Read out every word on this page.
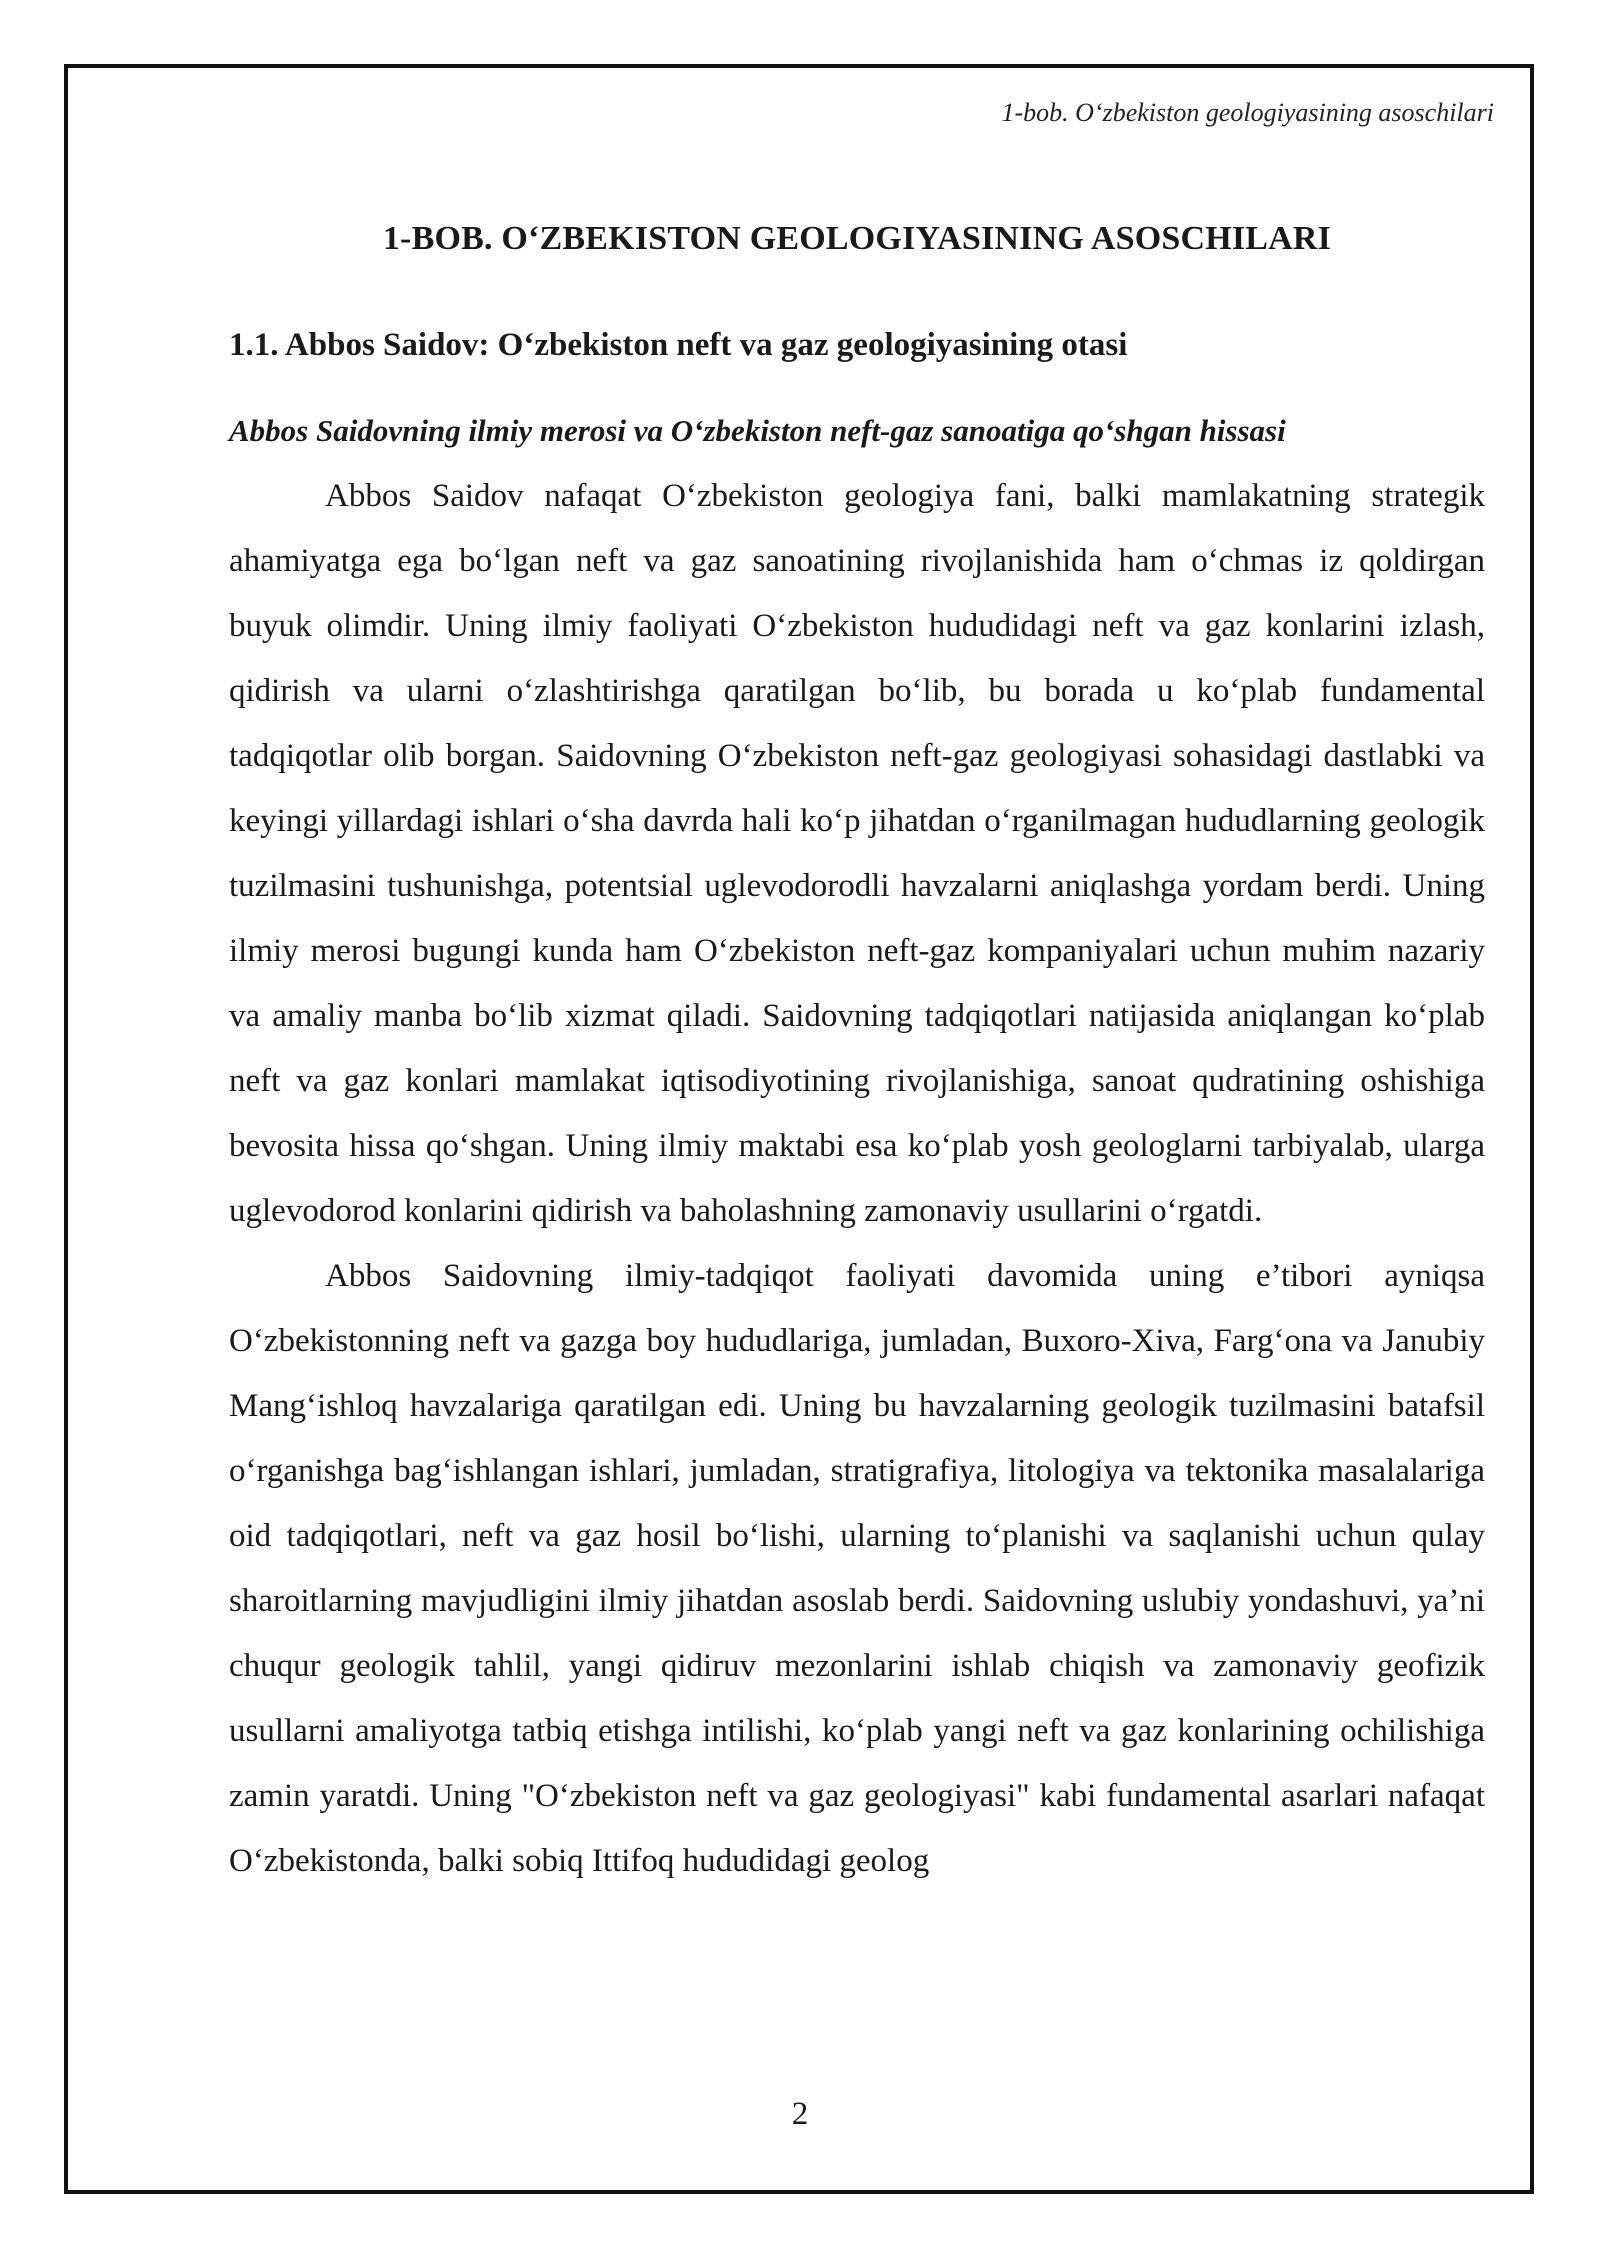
1-bob. O‘zbekiston geologiyasining asoschilari
1-BOB. O‘ZBEKISTON GEOLOGIYASINING ASOSCHILARI
1.1. Abbos Saidov: O‘zbekiston neft va gaz geologiyasining otasi
Abbos Saidovning ilmiy merosi va O‘zbekiston neft-gaz sanoatiga qo‘shgan hissasi

Abbos Saidov nafaqat O‘zbekiston geologiya fani, balki mamlakatning strategik ahamiyatga ega bo‘lgan neft va gaz sanoatining rivojlanishida ham o‘chmas iz qoldirgan buyuk olimdir. Uning ilmiy faoliyati O‘zbekiston hududidagi neft va gaz konlarini izlash, qidirish va ularni o‘zlashtirishga qaratilgan bo‘lib, bu borada u ko‘plab fundamental tadqiqotlar olib borgan. Saidovning O‘zbekiston neft-gaz geologiyasi sohasidagi dastlabki va keyingi yillardagi ishlari o‘sha davrda hali ko‘p jihatdan o‘rganilmagan hududlarning geologik tuzilmasini tushunishga, potentsial uglevodorodli havzalarni aniqlashga yordam berdi. Uning ilmiy merosi bugungi kunda ham O‘zbekiston neft-gaz kompaniyalari uchun muhim nazariy va amaliy manba bo‘lib xizmat qiladi. Saidovning tadqiqotlari natijasida aniqlangan ko‘plab neft va gaz konlari mamlakat iqtisodiyotining rivojlanishiga, sanoat qudratining oshishiga bevosita hissa qo‘shgan. Uning ilmiy maktabi esa ko‘plab yosh geologlarni tarbiyalab, ularga uglevodorod konlarini qidirish va baholashning zamonaviy usullarini o‘rgatdi.

Abbos Saidovning ilmiy-tadqiqot faoliyati davomida uning e’tibori ayniqsa O‘zbekistonning neft va gazga boy hududlariga, jumladan, Buxoro-Xiva, Farg‘ona va Janubiy Mang‘ishloq havzalariga qaratilgan edi. Uning bu havzalarning geologik tuzilmasini batafsil o‘rganishga bag‘ishlangan ishlari, jumladan, stratigrafiya, litologiya va tektonika masalalariga oid tadqiqotlari, neft va gaz hosil bo‘lishi, ularning to‘planishi va saqlanishi uchun qulay sharoitlarning mavjudligini ilmiy jihatdan asoslab berdi. Saidovning uslubiy yondashuvi, ya’ni chuqur geologik tahlil, yangi qidiruv mezonlarini ishlab chiqish va zamonaviy geofizik usullarni amaliyotga tatbiq etishga intilishi, ko‘plab yangi neft va gaz konlarining ochilishiga zamin yaratdi. Uning "O‘zbekiston neft va gaz geologiyasi" kabi fundamental asarlari nafaqat O‘zbekistonda, balki sobiq Ittifoq hududidagi geolog

2
